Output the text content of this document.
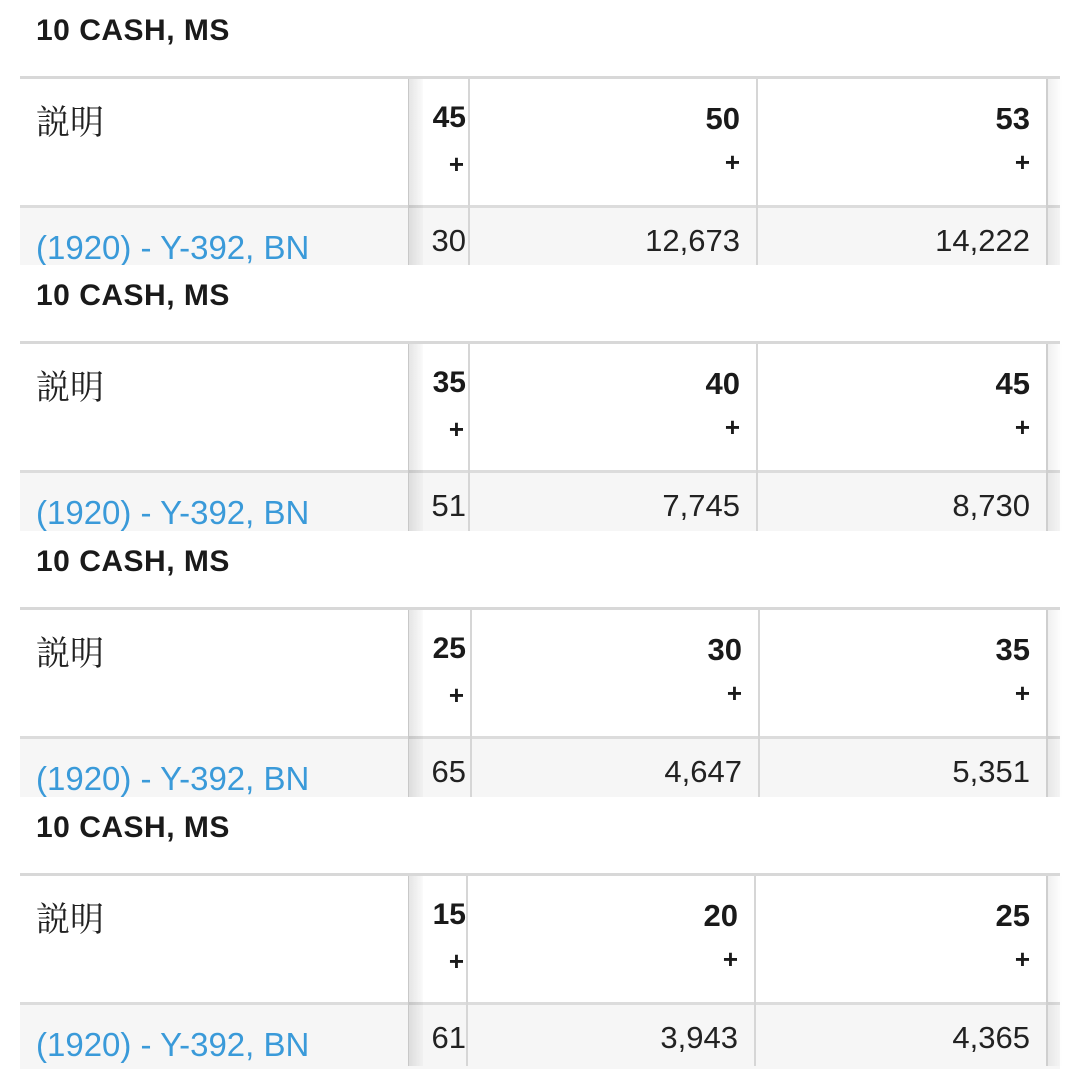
10 CASH, MS
説明
(1920) - Y-392, BN
45
+
30
50
+
12,673
53
+
14,222
10 CASH, MS
説明
(1920) - Y-392, BN
35
+
51
40
+
7,745
45
+
8,730
10 CASH, MS
説明
(1920) - Y-392, BN
25
+
65
30
+
4,647
35
+
5,351
10 CASH, MS
説明
(1920) - Y-392, BN
15
+
61
20
+
3,943
25
+
4,365
